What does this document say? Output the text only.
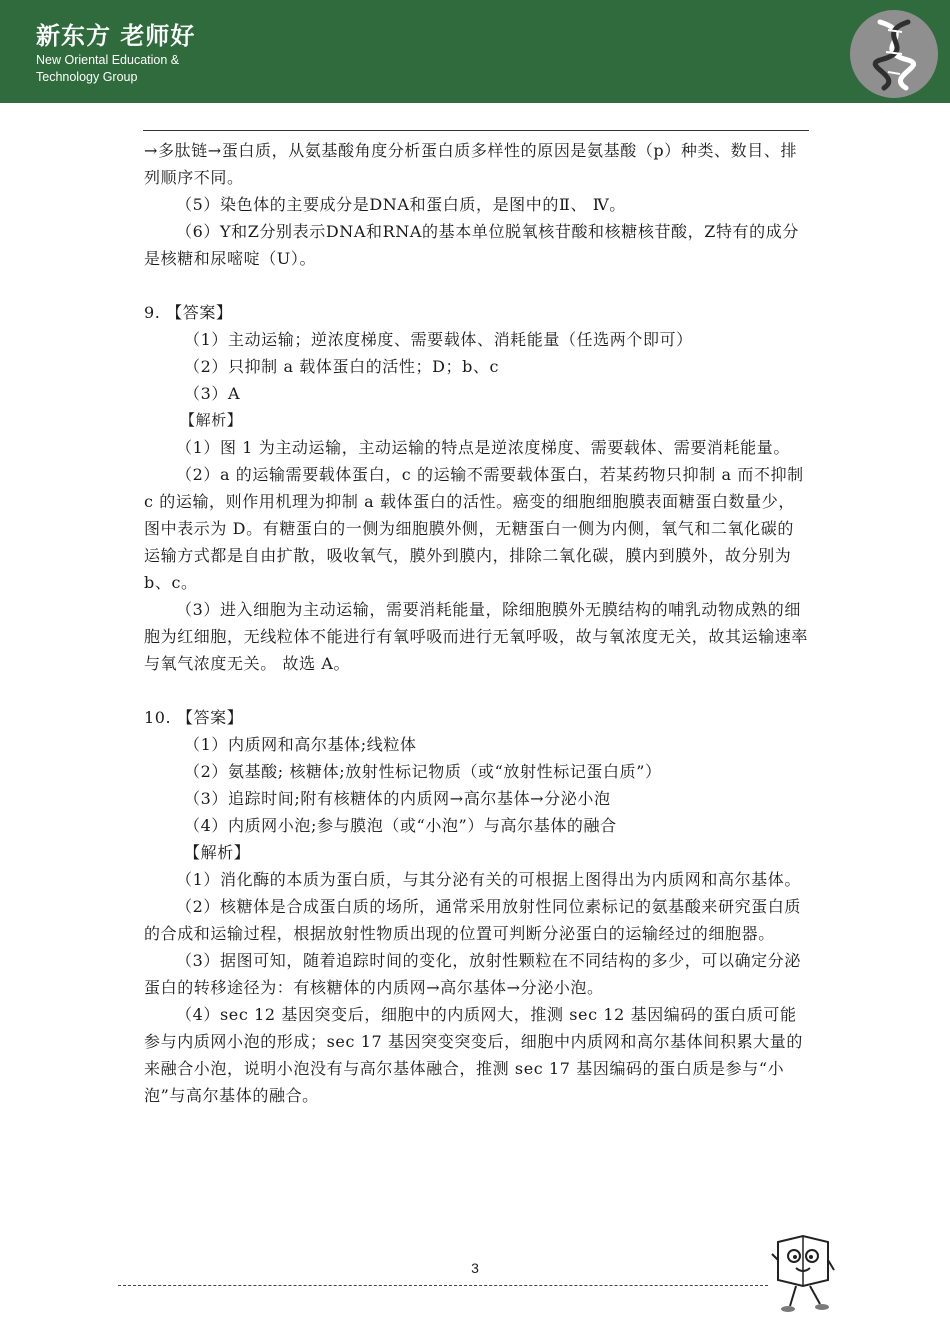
新东方 老师好
New Oriental Education &
Technology Group

→多肽链→蛋白质，从氨基酸角度分析蛋白质多样性的原因是氨基酸（p）种类、数目、排列顺序不同。

（5）染色体的主要成分是DNA和蛋白质，是图中的Ⅱ、 Ⅳ。

（6）Y和Z分别表示DNA和RNA的基本单位脱氧核苷酸和核糖核苷酸，Z特有的成分是核糖和尿嘧啶（U）。

9. 【答案】

（1）主动运输；逆浓度梯度、需要载体、消耗能量（任选两个即可）

（2）只抑制 a 载体蛋白的活性；D；b、c

（3）A

【解析】

（1）图 1 为主动运输，主动运输的特点是逆浓度梯度、需要载体、需要消耗能量。

（2）a 的运输需要载体蛋白，c 的运输不需要载体蛋白，若某药物只抑制 a 而不抑制 c 的运输，则作用机理为抑制 a 载体蛋白的活性。癌变的细胞细胞膜表面糖蛋白数量少，图中表示为 D。有糖蛋白的一侧为细胞膜外侧，无糖蛋白一侧为内侧，氧气和二氧化碳的运输方式都是自由扩散，吸收氧气，膜外到膜内，排除二氧化碳，膜内到膜外，故分别为 b、c。

（3）进入细胞为主动运输，需要消耗能量，除细胞膜外无膜结构的哺乳动物成熟的细胞为红细胞，无线粒体不能进行有氧呼吸而进行无氧呼吸，故与氧浓度无关，故其运输速率与氧气浓度无关。 故选 A。

10. 【答案】

（1）内质网和高尔基体;线粒体

（2）氨基酸; 核糖体;放射性标记物质（或“放射性标记蛋白质”）

（3）追踪时间;附有核糖体的内质网→高尔基体→分泌小泡

（4）内质网小泡;参与膜泡（或“小泡”）与高尔基体的融合

【解析】

（1）消化酶的本质为蛋白质，与其分泌有关的可根据上图得出为内质网和高尔基体。

（2）核糖体是合成蛋白质的场所，通常采用放射性同位素标记的氨基酸来研究蛋白质的合成和运输过程，根据放射性物质出现的位置可判断分泌蛋白的运输经过的细胞器。

（3）据图可知，随着追踪时间的变化，放射性颗粒在不同结构的多少，可以确定分泌蛋白的转移途径为：有核糖体的内质网→高尔基体→分泌小泡。

（4）sec 12 基因突变后，细胞中的内质网大，推测 sec 12 基因编码的蛋白质可能参与内质网小泡的形成；sec 17 基因突变突变后，细胞中内质网和高尔基体间积累大量的来融合小泡，说明小泡没有与高尔基体融合，推测 sec 17 基因编码的蛋白质是参与“小泡”与高尔基体的融合。

3
